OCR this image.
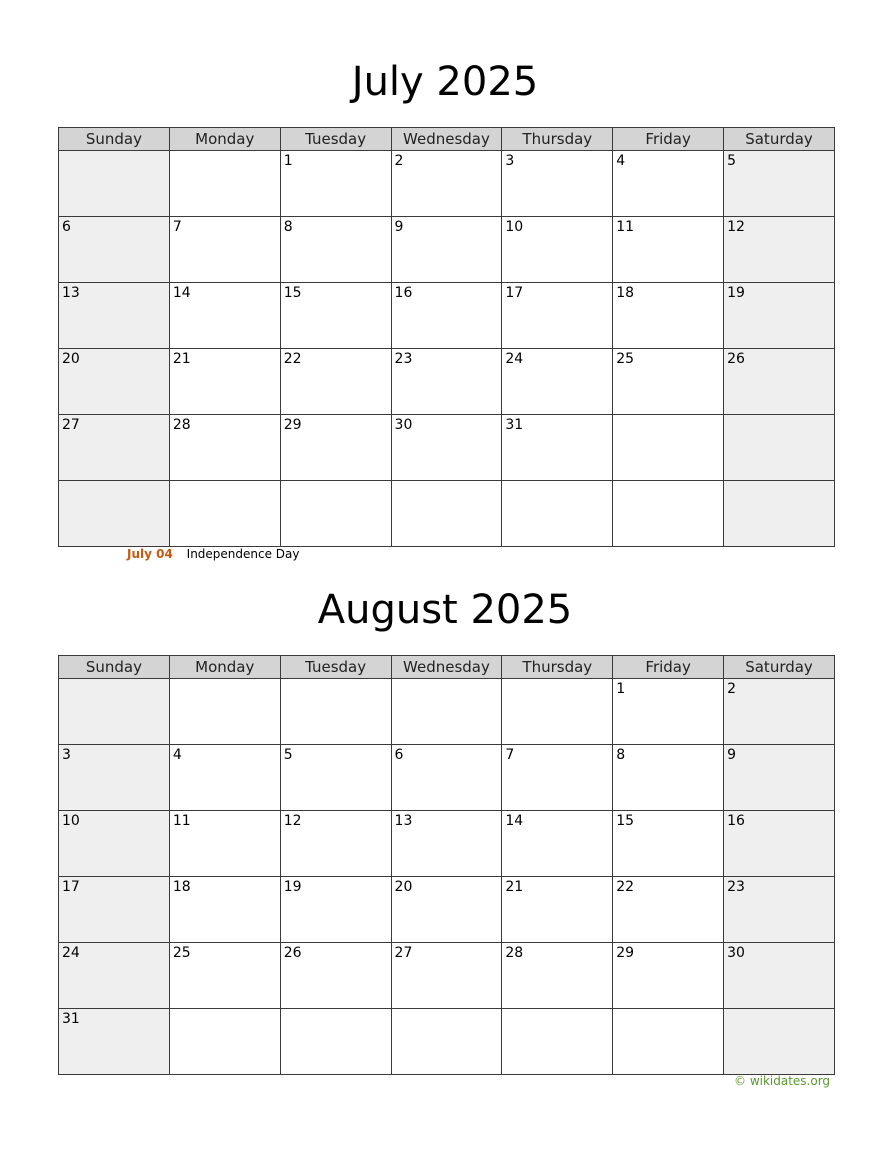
July 2025
Sunday	Monday	Tuesday	Wednesday	Thursday	Friday	Saturday
		1	2	3	4	5
6	7	8	9	10	11	12
13	14	15	16	17	18	19
20	21	22	23	24	25	26
27	28	29	30	31		

July 04 Independence Day
August 2025
Sunday	Monday	Tuesday	Wednesday	Thursday	Friday	Saturday
					1	2
3	4	5	6	7	8	9
10	11	12	13	14	15	16
17	18	19	20	21	22	23
24	25	26	27	28	29	30
31						
© wikidates.org
